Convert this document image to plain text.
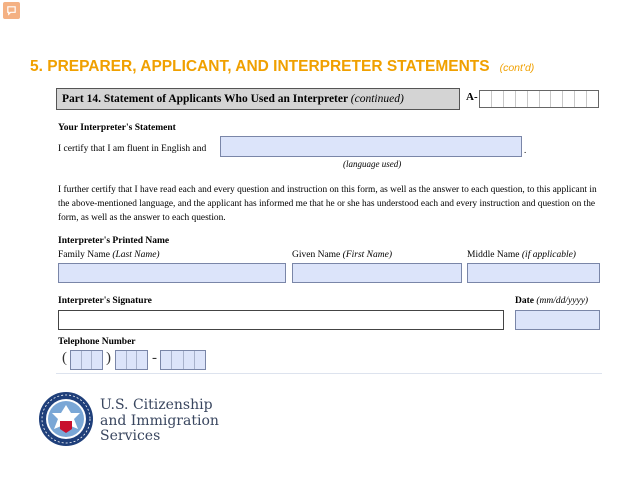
5. PREPARER, APPLICANT, AND INTERPRETER STATEMENTS (cont'd)
Part 14. Statement of Applicants Who Used an Interpreter (continued)	A-
Your Interpreter's Statement
I certify that I am fluent in English and	.
(language used)
I further certify that I have read each and every question and instruction on this form, as well as the answer to each question, to this applicant in the above-mentioned language, and the applicant has informed me that he or she has understood each and every instruction and question on the form, as well as the answer to each question.
Interpreter's Printed Name
Family Name (Last Name)	Given Name (First Name)	Middle Name (if applicable)
Interpreter's Signature	Date (mm/dd/yyyy)
Telephone Number
(	)	-
U.S. Citizenship
and Immigration
Services
